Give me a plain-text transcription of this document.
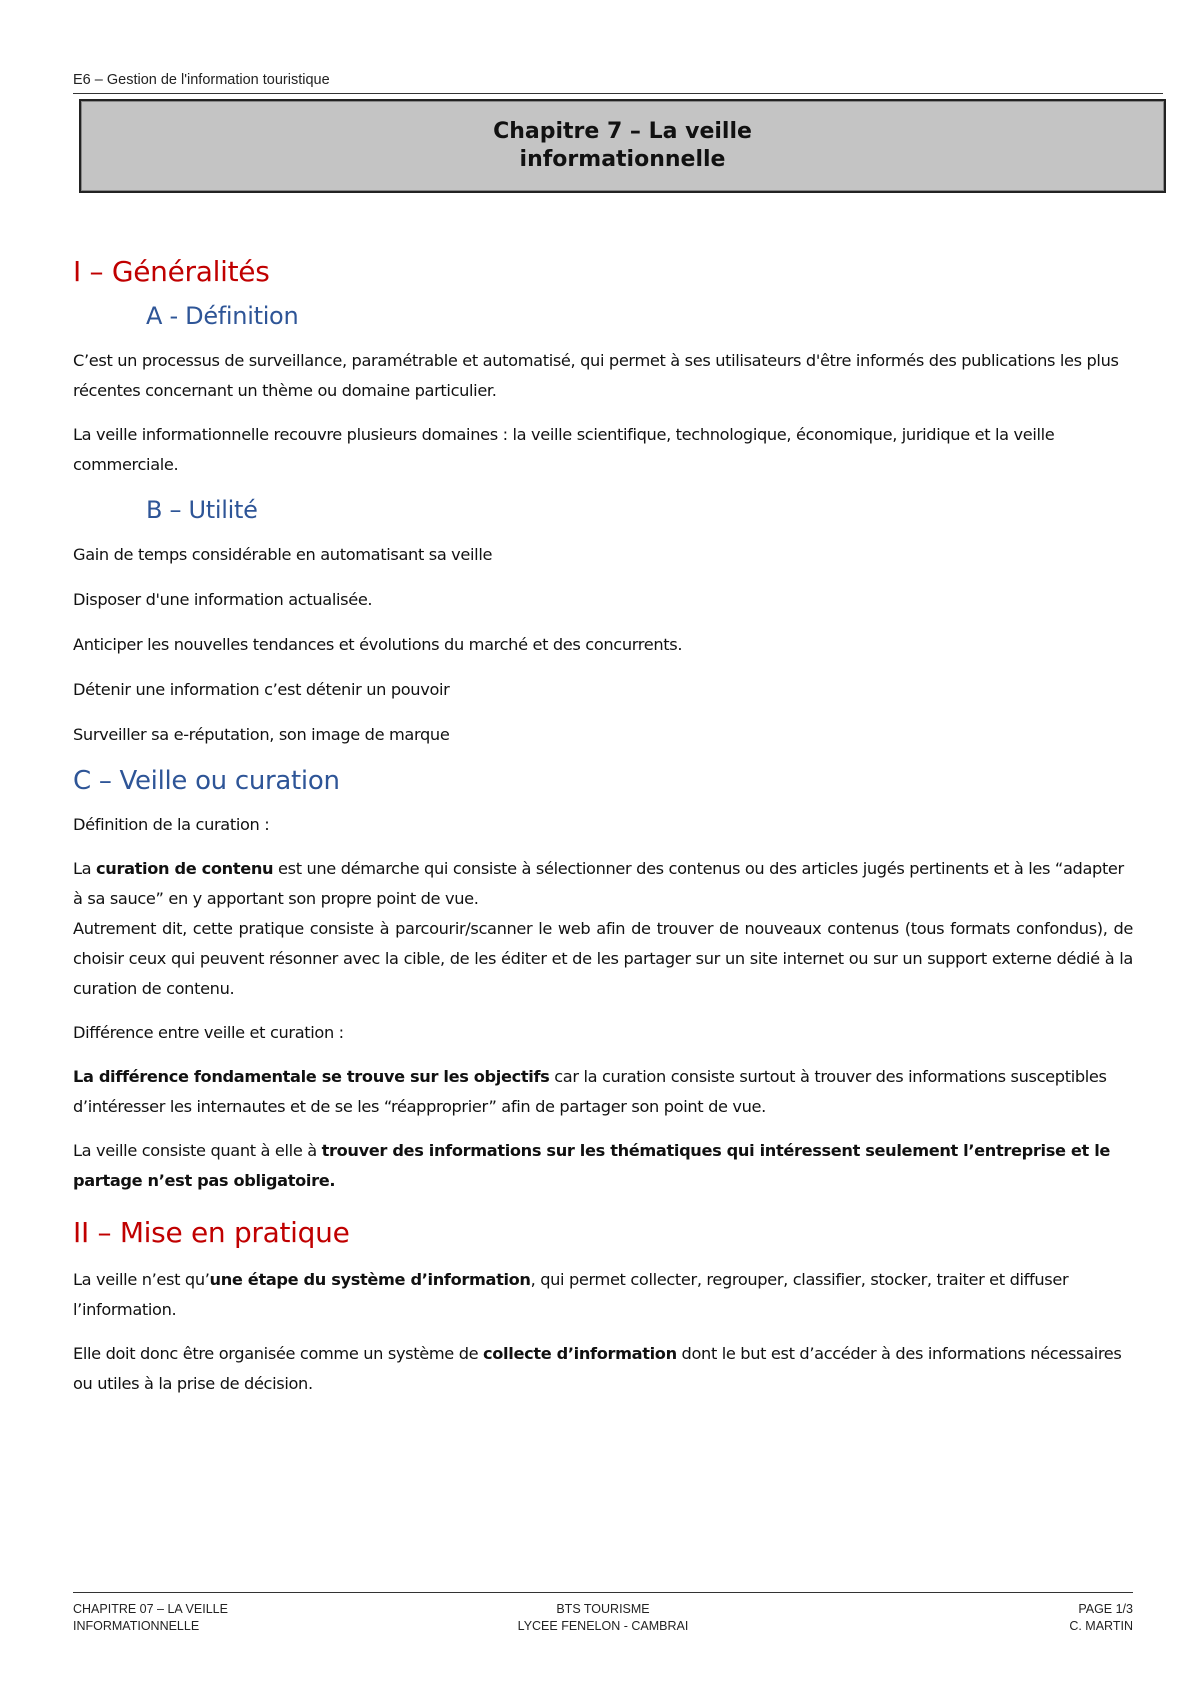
E6 – Gestion de l'information touristique
Chapitre 7 – La veille
informationnelle
I – Généralités
A - Définition

C’est un processus de surveillance, paramétrable et automatisé, qui permet à ses utilisateurs d'être informés des publications les plus récentes concernant un thème ou domaine particulier.

La veille informationnelle recouvre plusieurs domaines : la veille scientifique, technologique, économique, juridique et la veille commerciale.

B – Utilité

Gain de temps considérable en automatisant sa veille

Disposer d'une information actualisée.

Anticiper les nouvelles tendances et évolutions du marché et des concurrents.

Détenir une information c’est détenir un pouvoir

Surveiller sa e-réputation, son image de marque

C – Veille ou curation

Définition de la curation :

La curation de contenu est une démarche qui consiste à sélectionner des contenus ou des articles jugés pertinents et à les “adapter à sa sauce” en y apportant son propre point de vue.

Autrement dit, cette pratique consiste à parcourir/scanner le web afin de trouver de nouveaux contenus (tous formats confondus), de choisir ceux qui peuvent résonner avec la cible, de les éditer et de les partager sur un site internet ou sur un support externe dédié à la curation de contenu.

Différence entre veille et curation :

La différence fondamentale se trouve sur les objectifs car la curation consiste surtout à trouver des informations susceptibles d’intéresser les internautes et de se les “réapproprier” afin de partager son point de vue.

La veille consiste quant à elle à trouver des informations sur les thématiques qui intéressent seulement l’entreprise et le partage n’est pas obligatoire.

II – Mise en pratique

La veille n’est qu’une étape du système d’information, qui permet collecter, regrouper, classifier, stocker, traiter et diffuser l’information.

Elle doit donc être organisée comme un système de collecte d’information dont le but est d’accéder à des informations nécessaires ou utiles à la prise de décision.

CHAPITRE 07 – LA VEILLE
INFORMATIONNELLE
BTS TOURISME
LYCEE FENELON - CAMBRAI
PAGE 1/3
C. MARTIN
